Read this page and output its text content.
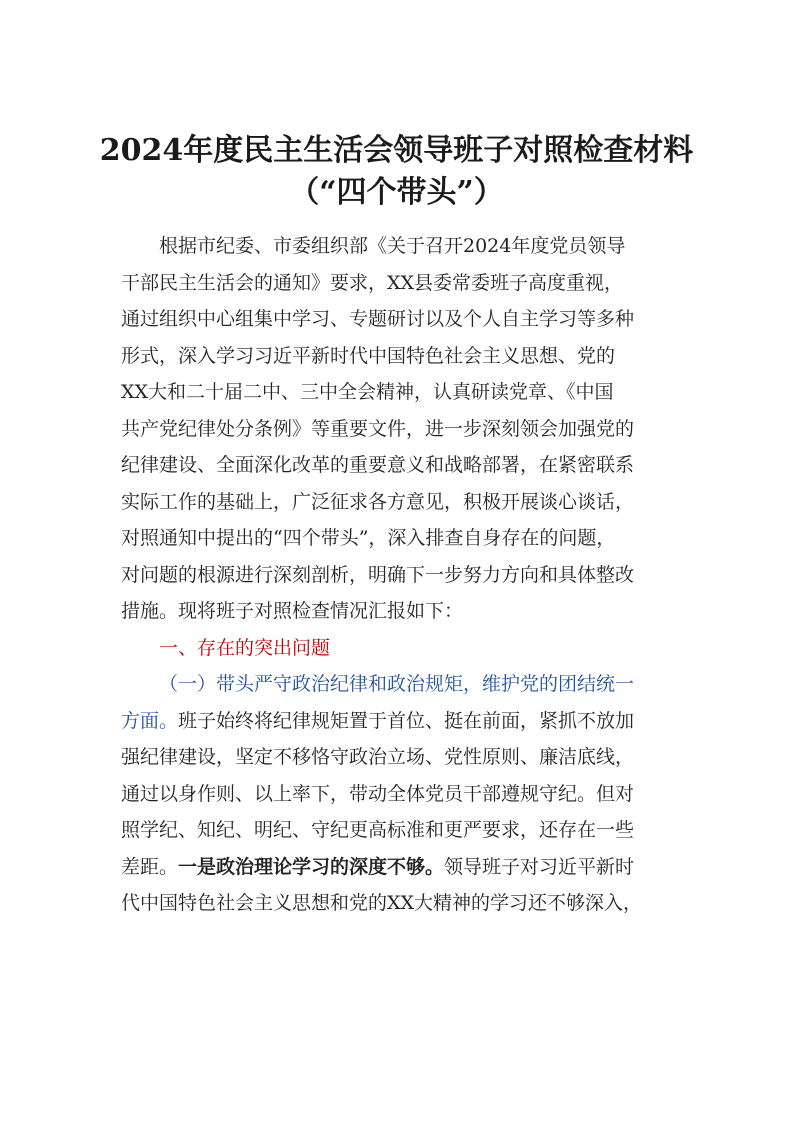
2024年度民主生活会领导班子对照检查材料
（“四个带头”）
根据市纪委、市委组织部《关于召开2024年度党员领导
干部民主生活会的通知》要求，XX县委常委班子高度重视，
通过组织中心组集中学习、专题研讨以及个人自主学习等多种
形式，深入学习习近平新时代中国特色社会主义思想、党的
XX大和二十届二中、三中全会精神，认真研读党章、《中国
共产党纪律处分条例》等重要文件，进一步深刻领会加强党的
纪律建设、全面深化改革的重要意义和战略部署，在紧密联系
实际工作的基础上，广泛征求各方意见，积极开展谈心谈话，
对照通知中提出的“四个带头”，深入排查自身存在的问题，
对问题的根源进行深刻剖析，明确下一步努力方向和具体整改
措施。现将班子对照检查情况汇报如下：
一、存在的突出问题
（一）带头严守政治纪律和政治规矩，维护党的团结统一
方面。班子始终将纪律规矩置于首位、挺在前面，紧抓不放加
强纪律建设，坚定不移恪守政治立场、党性原则、廉洁底线，
通过以身作则、以上率下，带动全体党员干部遵规守纪。但对
照学纪、知纪、明纪、守纪更高标准和更严要求，还存在一些
差距。一是政治理论学习的深度不够。领导班子对习近平新时
代中国特色社会主义思想和党的XX大精神的学习还不够深入，
